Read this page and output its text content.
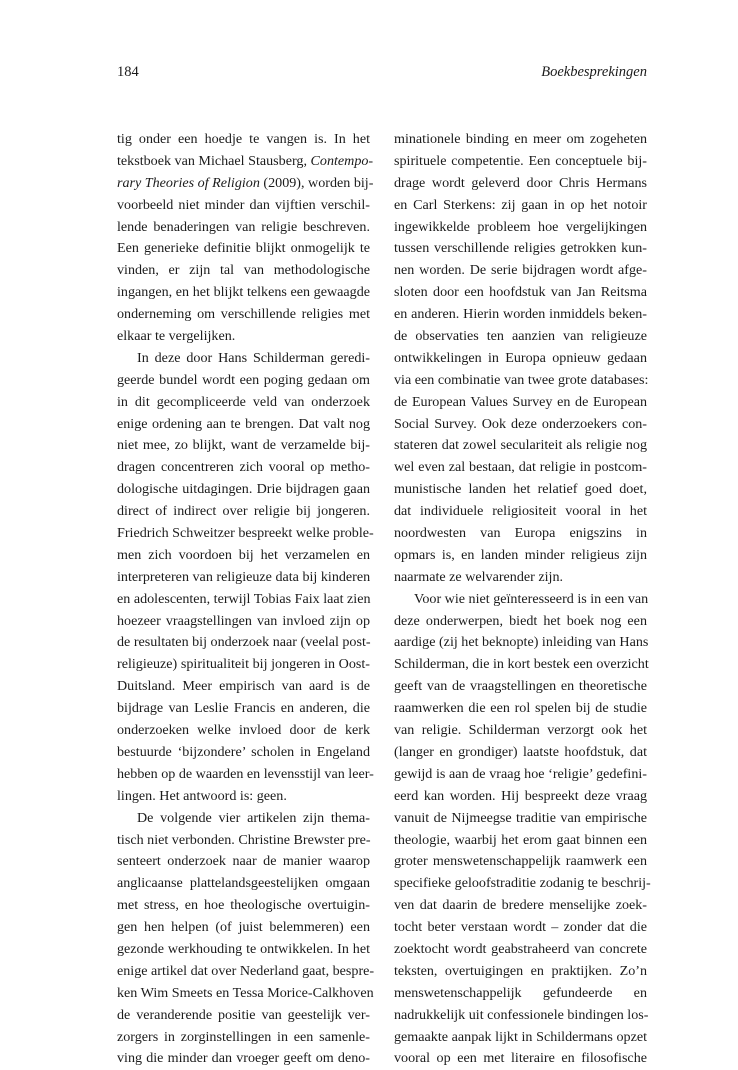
184	Boekbesprekingen
tig onder een hoedje te vangen is. In het
tekstboek van Michael Stausberg, Contempo-
rary Theories of Religion (2009), worden bij-
voorbeeld niet minder dan vijftien verschil-
lende benaderingen van religie beschreven.
Een generieke definitie blijkt onmogelijk te
vinden, er zijn tal van methodologische
ingangen, en het blijkt telkens een gewaagde
onderneming om verschillende religies met
elkaar te vergelijken.
In deze door Hans Schilderman geredi-
geerde bundel wordt een poging gedaan om
in dit gecompliceerde veld van onderzoek
enige ordening aan te brengen. Dat valt nog
niet mee, zo blijkt, want de verzamelde bij-
dragen concentreren zich vooral op metho-
dologische uitdagingen. Drie bijdragen gaan
direct of indirect over religie bij jongeren.
Friedrich Schweitzer bespreekt welke proble-
men zich voordoen bij het verzamelen en
interpreteren van religieuze data bij kinderen
en adolescenten, terwijl Tobias Faix laat zien
hoezeer vraagstellingen van invloed zijn op
de resultaten bij onderzoek naar (veelal post-
religieuze) spiritualiteit bij jongeren in Oost-
Duitsland. Meer empirisch van aard is de
bijdrage van Leslie Francis en anderen, die
onderzoeken welke invloed door de kerk
bestuurde ‘bijzondere’ scholen in Engeland
hebben op de waarden en levensstijl van leer-
lingen. Het antwoord is: geen.
De volgende vier artikelen zijn thema-
tisch niet verbonden. Christine Brewster pre-
senteert onderzoek naar de manier waarop
anglicaanse plattelandsgeestelijken omgaan
met stress, en hoe theologische overtuigin-
gen hen helpen (of juist belemmeren) een
gezonde werkhouding te ontwikkelen. In het
enige artikel dat over Nederland gaat, bespre-
ken Wim Smeets en Tessa Morice-Calkhoven
de veranderende positie van geestelijk ver-
zorgers in zorginstellingen in een samenle-
ving die minder dan vroeger geeft om deno-
minationele binding en meer om zogeheten
spirituele competentie. Een conceptuele bij-
drage wordt geleverd door Chris Hermans
en Carl Sterkens: zij gaan in op het notoir
ingewikkelde probleem hoe vergelijkingen
tussen verschillende religies getrokken kun-
nen worden. De serie bijdragen wordt afge-
sloten door een hoofdstuk van Jan Reitsma
en anderen. Hierin worden inmiddels beken-
de observaties ten aanzien van religieuze
ontwikkelingen in Europa opnieuw gedaan
via een combinatie van twee grote databases:
de European Values Survey en de European
Social Survey. Ook deze onderzoekers con-
stateren dat zowel seculariteit als religie nog
wel even zal bestaan, dat religie in postcom-
munistische landen het relatief goed doet,
dat individuele religiositeit vooral in het
noordwesten van Europa enigszins in
opmars is, en landen minder religieus zijn
naarmate ze welvarender zijn.
Voor wie niet geïnteresseerd is in een van
deze onderwerpen, biedt het boek nog een
aardige (zij het beknopte) inleiding van Hans
Schilderman, die in kort bestek een overzicht
geeft van de vraagstellingen en theoretische
raamwerken die een rol spelen bij de studie
van religie. Schilderman verzorgt ook het
(langer en grondiger) laatste hoofdstuk, dat
gewijd is aan de vraag hoe ‘religie’ gedefini-
eerd kan worden. Hij bespreekt deze vraag
vanuit de Nijmeegse traditie van empirische
theologie, waarbij het erom gaat binnen een
groter menswetenschappelijk raamwerk een
specifieke geloofstraditie zodanig te beschrij-
ven dat daarin de bredere menselijke zoek-
tocht beter verstaan wordt – zonder dat die
zoektocht wordt geabstraheerd van concrete
teksten, overtuigingen en praktijken. Zo’n
menswetenschappelijk gefundeerde en
nadrukkelijk uit confessionele bindingen los-
gemaakte aanpak lijkt in Schildermans opzet
vooral op een met literaire en filosofische
